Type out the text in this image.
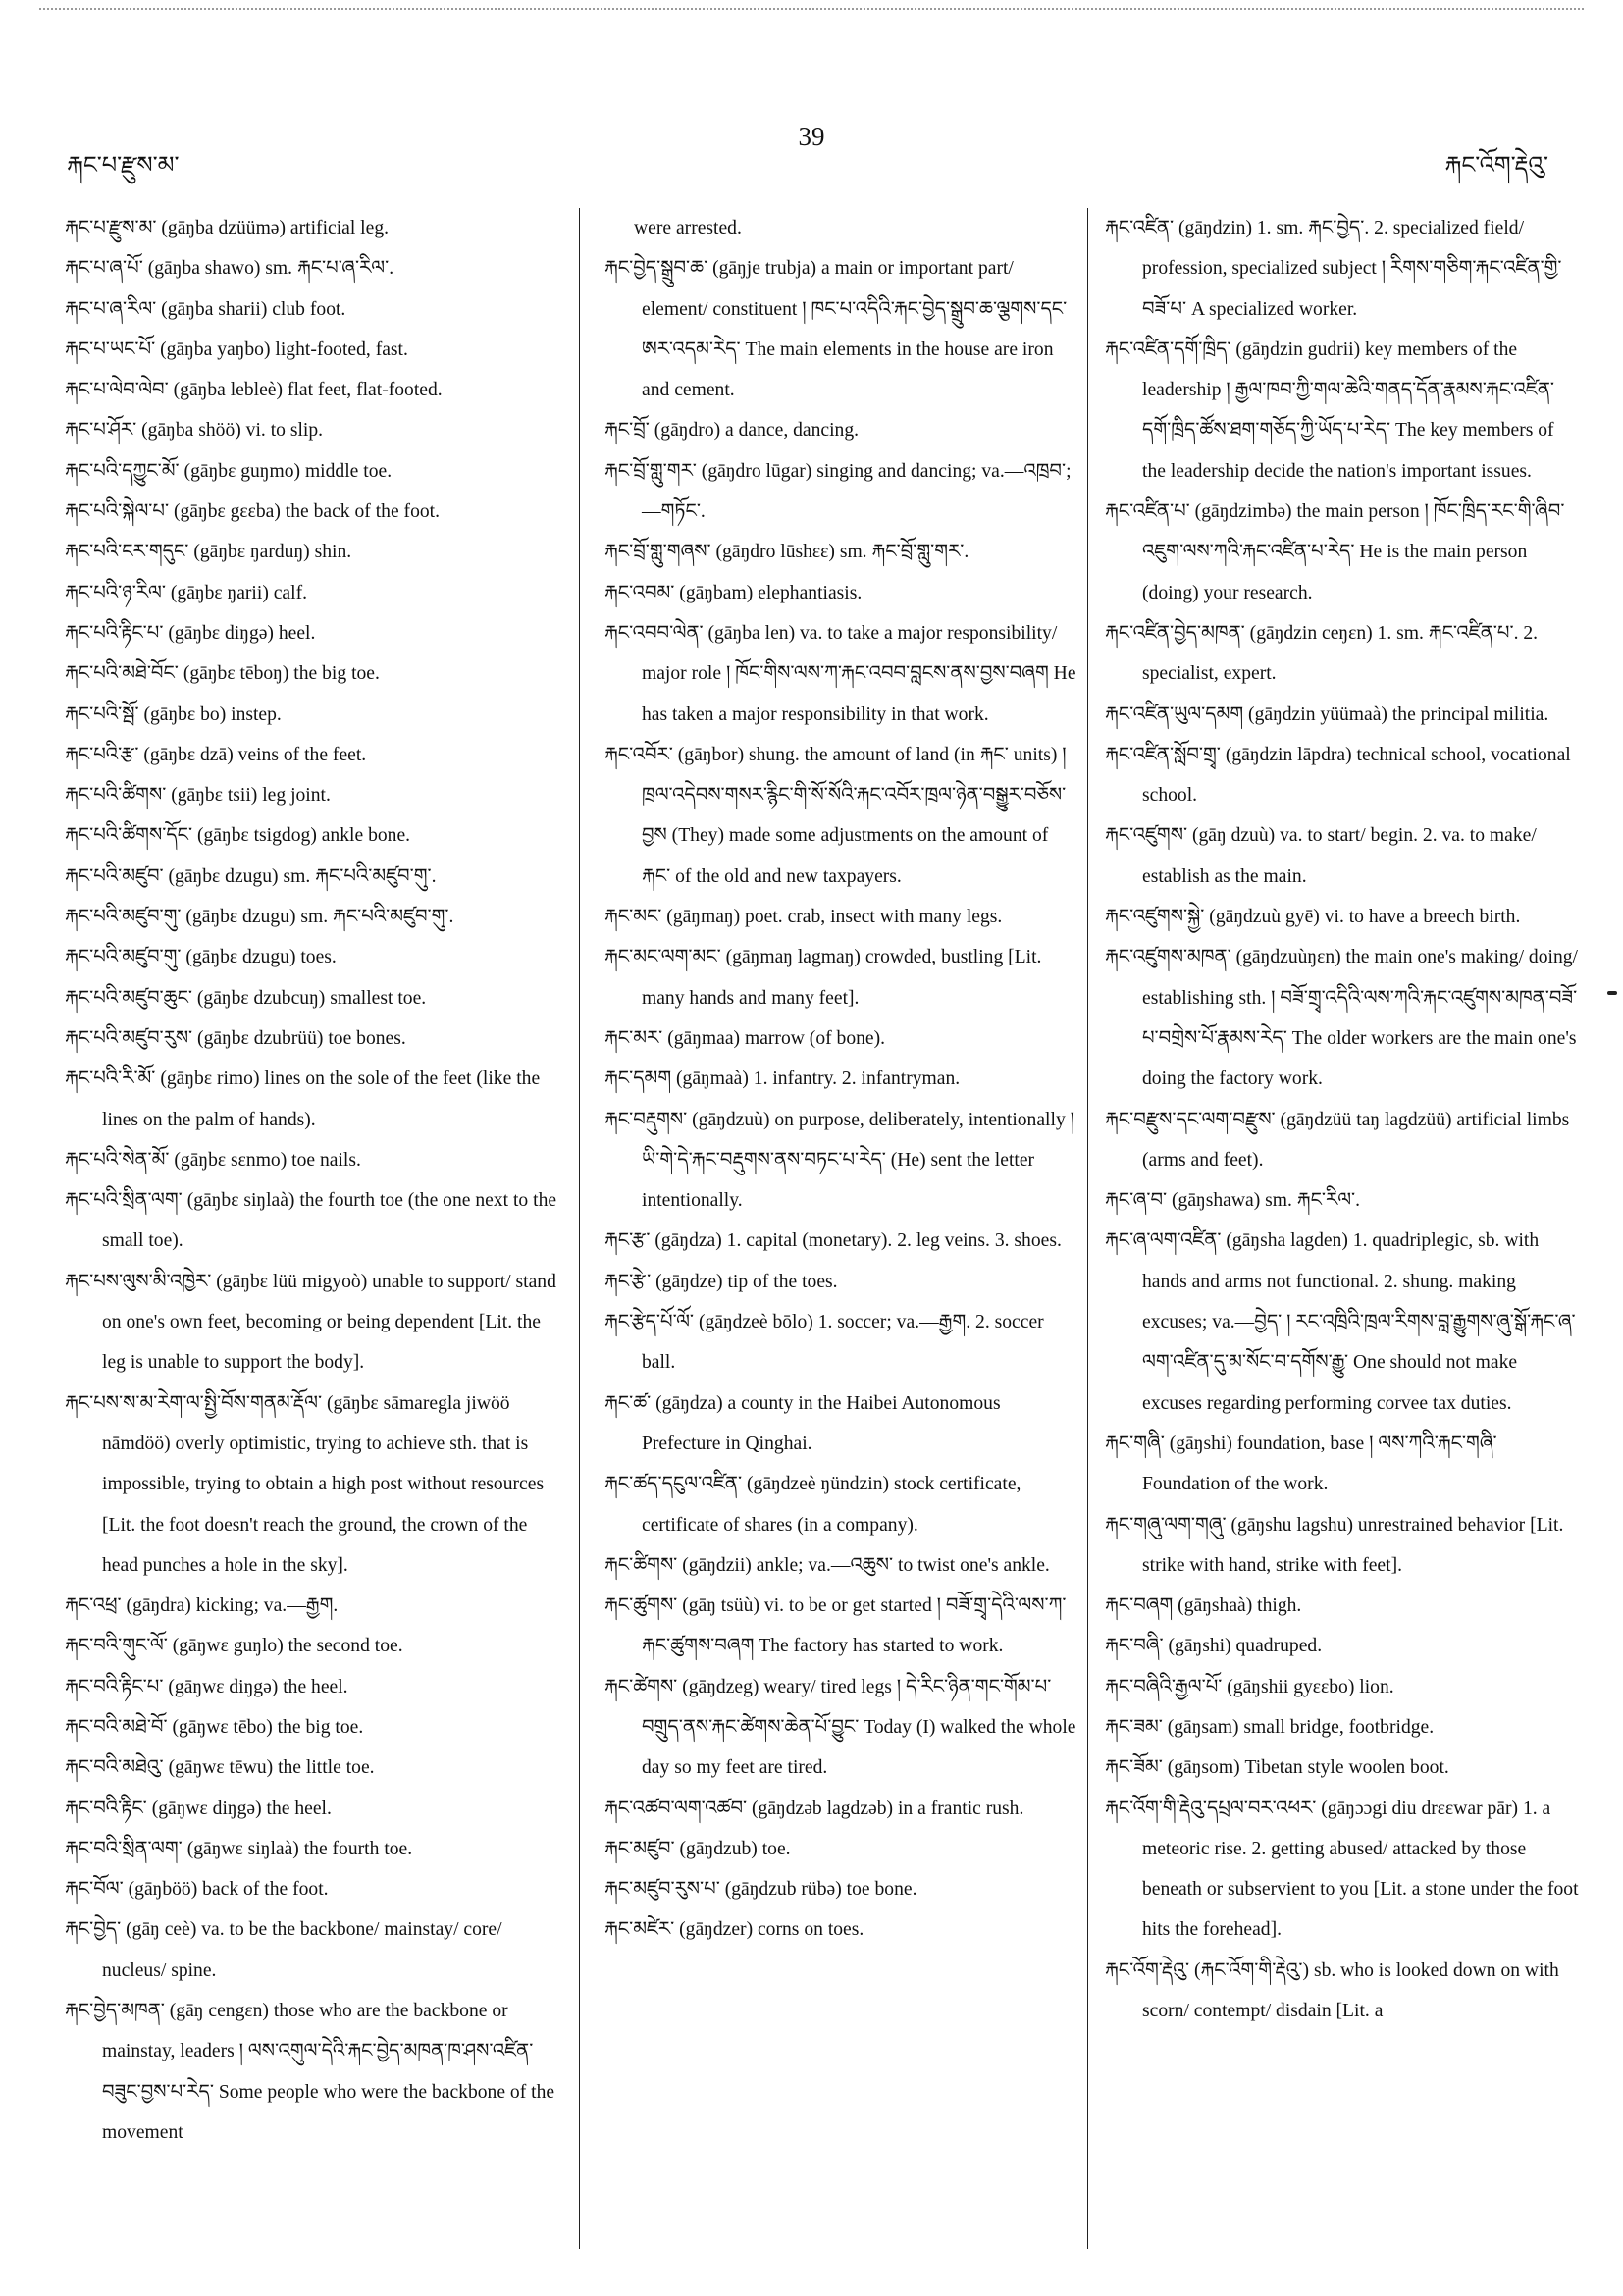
རྐང་པ་རྫུས་མ་
39
རྐང་འོག་རྡེའུ་

རྐང་པ་རྫུས་མ་ (gāŋba dzüümə) artificial leg.

རྐང་པ་ཞ་པོ་ (gāŋba shawo) sm. རྐང་པ་ཞ་རིལ་.

རྐང་པ་ཞ་རིལ་ (gāŋba sharii) club foot.

རྐང་པ་ཡང་པོ་ (gāŋba yaŋbo) light-footed, fast.

རྐང་པ་ལེབ་ལེབ་ (gāŋba lebleè) flat feet, flat-footed.

རྐང་པ་ཤོར་ (gāŋba shöö) vi. to slip.

རྐང་པའི་དཀྱུང་མོ་ (gāŋbɛ guŋmo) middle toe.

རྐང་པའི་སྐེལ་པ་ (gāŋbɛ gɛɛba) the back of the foot.

རྐང་པའི་ངར་གདུང་ (gāŋbɛ ŋarduŋ) shin.

རྐང་པའི་ཉ་རིལ་ (gāŋbɛ ŋarii) calf.

རྐང་པའི་རྟིང་པ་ (gāŋbɛ diŋgə) heel.

རྐང་པའི་མཐེ་བོང་ (gāŋbɛ tēboŋ) the big toe.

རྐང་པའི་སྦོ་ (gāŋbɛ bo) instep.

རྐང་པའི་རྩ་ (gāŋbɛ dzā) veins of the feet.

རྐང་པའི་ཚིགས་ (gāŋbɛ tsii) leg joint.

རྐང་པའི་ཚིགས་དོང་ (gāŋbɛ tsigdog) ankle bone.

རྐང་པའི་མཛུབ་ (gāŋbɛ dzugu) sm. རྐང་པའི་མཛུབ་གུ་.

རྐང་པའི་མཛུབ་གུ་ (gāŋbɛ dzugu) sm. རྐང་པའི་མཛུབ་གུ་.

རྐང་པའི་མཛུབ་གུ་ (gāŋbɛ dzugu) toes.

རྐང་པའི་མཛུབ་ཆུང་ (gāŋbɛ dzubcuŋ) smallest toe.

རྐང་པའི་མཛུབ་རུས་ (gāŋbɛ dzubrüü) toe bones.

རྐང་པའི་རི་མོ་ (gāŋbɛ rimo) lines on the sole of the feet (like the lines on the palm of hands).

རྐང་པའི་སེན་མོ་ (gāŋbɛ sɛnmo) toe nails.

རྐང་པའི་སྲིན་ལག་ (gāŋbɛ siŋlaà) the fourth toe (the one next to the small toe).

རྐང་པས་ལུས་མི་འཁྱེར་ (gāŋbɛ lüü migyoò) unable to support/ stand on one's own feet, becoming or being dependent [Lit. the leg is unable to support the body].

རྐང་པས་ས་མ་རེག་ལ་སྤྱི་བོས་གནམ་རྡོལ་ (gāŋbɛ sāmaregla jiwöö nāmdöö) overly optimistic, trying to achieve sth. that is impossible, trying to obtain a high post without resources [Lit. the foot doesn't reach the ground, the crown of the head punches a hole in the sky].

རྐང་འཕྲ་ (gāŋdra) kicking; va.—རྒྱག.

རྐང་བའི་གུང་ལོ་ (gāŋwɛ guŋlo) the second toe.

རྐང་བའི་རྟིང་པ་ (gāŋwɛ diŋgə) the heel.

རྐང་བའི་མཐེ་བོ་ (gāŋwɛ tēbo) the big toe.

རྐང་བའི་མཐེའུ་ (gāŋwɛ tēwu) the little toe.

རྐང་བའི་རྟིང་ (gāŋwɛ diŋgə) the heel.

རྐང་བའི་སྲིན་ལག་ (gāŋwɛ siŋlaà) the fourth toe.

རྐང་བོལ་ (gāŋböö) back of the foot.

རྐང་བྱེད་ (gāŋ ceè) va. to be the backbone/ mainstay/ core/ nucleus/ spine.

རྐང་བྱེད་མཁན་ (gāŋ cengɛn) those who are the backbone or mainstay, leaders ། ལས་འགུལ་དེའི་རྐང་བྱེད་མཁན་ཁ་ཤས་འཛིན་བཟུང་བྱས་པ་རེད་ Some people who were the backbone of the movement

were arrested.

རྐང་བྱེད་སྒྲུབ་ཆ་ (gāŋje trubja) a main or important part/ element/ constituent ། ཁང་པ་འདིའི་རྐང་བྱེད་སྒྲུབ་ཆ་ལྕགས་དང་ཨར་འདམ་རེད་ The main elements in the house are iron and cement.

རྐང་བྲོ་ (gāŋdro) a dance, dancing.

རྐང་བྲོ་གླུ་གར་ (gāŋdro lūgar) singing and dancing; va.—འཁྲབ་; —གཏོང་.

རྐང་བྲོ་གླུ་གཞས་ (gāŋdro lūshɛɛ) sm. རྐང་བྲོ་གླུ་གར་.

རྐང་འབམ་ (gāŋbam) elephantiasis.

རྐང་འབབ་ལེན་ (gāŋba len) va. to take a major responsibility/ major role ། ཁོང་གིས་ལས་ཀ་རྐང་འབབ་བླངས་ནས་བྱས་བཞག He has taken a major responsibility in that work.

རྐང་འབོར་ (gāŋbor) shung. the amount of land (in རྐང་ units) ། ཁྲལ་འདེབས་གསར་རྙིང་གི་སོ་སོའི་རྐང་འབོར་ཁྲལ་ཉེན་བསྒྱུར་བཅོས་བྱས (They) made some adjustments on the amount of རྐང་ of the old and new taxpayers.

རྐང་མང་ (gāŋmaŋ) poet. crab, insect with many legs.

རྐང་མང་ལག་མང་ (gāŋmaŋ lagmaŋ) crowded, bustling [Lit. many hands and many feet].

རྐང་མར་ (gāŋmaa) marrow (of bone).

རྐང་དམག (gāŋmaà) 1. infantry. 2. infantryman.

རྐང་བརྡུགས་ (gāŋdzuù) on purpose, deliberately, intentionally ། ཡི་གེ་དེ་རྐང་བརྡུགས་ནས་བཏང་པ་རེད་ (He) sent the letter intentionally.

རྐང་རྩ་ (gāŋdza) 1. capital (monetary). 2. leg veins. 3. shoes.

རྐང་རྩེ་ (gāŋdze) tip of the toes.

རྐང་རྩེད་པོ་ལོ་ (gāŋdzeè bōlo) 1. soccer; va.—རྒྱག. 2. soccer ball.

རྐང་ཚ་ (gāŋdza) a county in the Haibei Autonomous Prefecture in Qinghai.

རྐང་ཚད་དངུལ་འཛིན་ (gāŋdzeè ŋündzin) stock certificate, certificate of shares (in a company).

རྐང་ཚིགས་ (gāŋdzii) ankle; va.—འཆུས་ to twist one's ankle.

རྐང་ཚུགས་ (gāŋ tsüù) vi. to be or get started ། བཟོ་གྲྭ་དེའི་ལས་ཀ་རྐང་ཚུགས་བཞག The factory has started to work.

རྐང་ཚེགས་ (gāŋdzeg) weary/ tired legs ། དེ་རིང་ཉིན་གང་གོམ་པ་བགྲུད་ནས་རྐང་ཚེགས་ཆེན་པོ་བྱུང་ Today (I) walked the whole day so my feet are tired.

རྐང་འཚབ་ལག་འཚབ་ (gāŋdzəb lagdzəb) in a frantic rush.

རྐང་མཛུབ་ (gāŋdzub) toe.

རྐང་མཛུབ་རུས་པ་ (gāŋdzub rübə) toe bone.

རྐང་མཛེར་ (gāŋdzer) corns on toes.

རྐང་འཛིན་ (gāŋdzin) 1. sm. རྐང་བྱེད་. 2. specialized field/ profession, specialized subject ། རིགས་གཅིག་རྐང་འཛིན་གྱི་བཟོ་པ་ A specialized worker.

རྐང་འཛིན་དགོ་ཁྲིད་ (gāŋdzin gudrii) key members of the leadership ། རྒྱལ་ཁབ་ཀྱི་གལ་ཆེའི་གནད་དོན་རྣམས་རྐང་འཛིན་དགོ་ཁྲིད་ཚོས་ཐག་གཅོད་ཀྱི་ཡོད་པ་རེད་ The key members of the leadership decide the nation's important issues.

རྐང་འཛིན་པ་ (gāŋdzimbə) the main person ། ཁོང་ཁྲིད་རང་གི་ཞིབ་འཇུག་ལས་ཀའི་རྐང་འཛིན་པ་རེད་ He is the main person (doing) your research.

རྐང་འཛིན་བྱེད་མཁན་ (gāŋdzin ceŋɛn) 1. sm. རྐང་འཛིན་པ་. 2. specialist, expert.

རྐང་འཛིན་ཡུལ་དམག (gāŋdzin yüümaà) the principal militia.

རྐང་འཛིན་སློབ་གྲྭ་ (gāŋdzin lāpdra) technical school, vocational school.

རྐང་འཛུགས་ (gāŋ dzuù) va. to start/ begin. 2. va. to make/ establish as the main.

རྐང་འཛུགས་སྐྱེ་ (gāŋdzuù gyē) vi. to have a breech birth.

རྐང་འཛུགས་མཁན་ (gāŋdzuùŋɛn) the main one's making/ doing/ establishing sth. ། བཟོ་གྲྭ་འདིའི་ལས་ཀའི་རྐང་འཛུགས་མཁན་བཟོ་པ་བགྲེས་པོ་རྣམས་རེད་ The older workers are the main one's doing the factory work.

རྐང་བརྫུས་དང་ལག་བརྫུས་ (gāŋdzüü taŋ lagdzüü) artificial limbs (arms and feet).

རྐང་ཞ་བ་ (gāŋshawa) sm. རྐང་རིལ་.

རྐང་ཞ་ལག་འཛིན་ (gāŋsha lagden) 1. quadriplegic, sb. with hands and arms not functional. 2. shung. making excuses; va.—བྱེད་ ། རང་འཁྲིའི་ཁྲལ་རིགས་བླ་རྒྱུགས་ཞུ་སྒོ་རྐང་ཞ་ལག་འཛིན་དུ་མ་སོང་བ་དགོས་རྒྱུ་ One should not make excuses regarding performing corvee tax duties.

རྐང་གཞི་ (gāŋshi) foundation, base ། ལས་ཀའི་རྐང་གཞི་ Foundation of the work.

རྐང་གཞུ་ལག་གཞུ་ (gāŋshu lagshu) unrestrained behavior [Lit. strike with hand, strike with feet].

རྐང་བཞག (gāŋshaà) thigh.

རྐང་བཞི་ (gāŋshi) quadruped.

རྐང་བཞིའི་རྒྱལ་པོ་ (gāŋshii gyɛɛbo) lion.

རྐང་ཟམ་ (gāŋsam) small bridge, footbridge.

རྐང་ཟོམ་ (gāŋsom) Tibetan style woolen boot.

རྐང་འོག་གི་རྡེའུ་དཔྲལ་བར་འཕར་ (gāŋɔɔgi diu drɛɛwar pār) 1. a meteoric rise. 2. getting abused/ attacked by those beneath or subservient to you [Lit. a stone under the foot hits the forehead].

རྐང་འོག་རྡེའུ་ (རྐང་འོག་གི་རྡེའུ་) sb. who is looked down on with scorn/ contempt/ disdain [Lit. a
